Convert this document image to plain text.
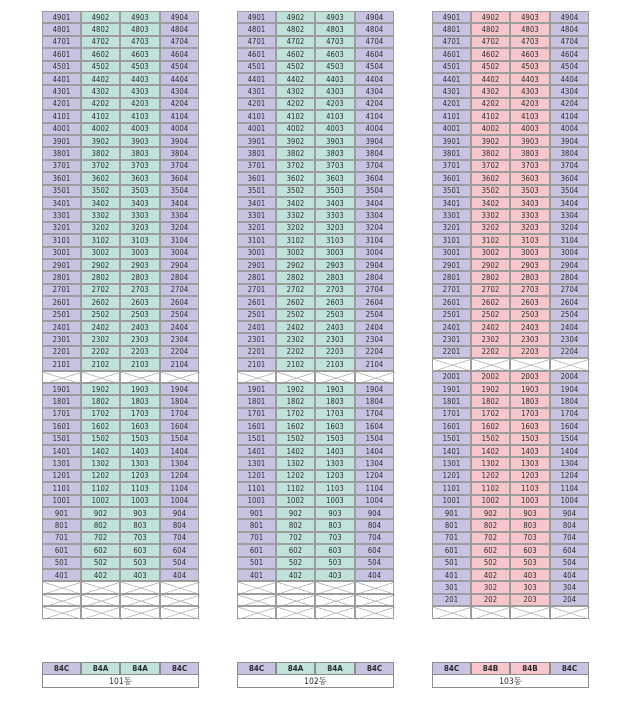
4901	4902	4903	4904
4801	4802	4803	4804
4701	4702	4703	4704
4601	4602	4603	4604
4501	4502	4503	4504
4401	4402	4403	4404
4301	4302	4303	4304
4201	4202	4203	4204
4101	4102	4103	4104
4001	4002	4003	4004
3901	3902	3903	3904
3801	3802	3803	3804
3701	3702	3703	3704
3601	3602	3603	3604
3501	3502	3503	3504
3401	3402	3403	3404
3301	3302	3303	3304
3201	3202	3203	3204
3101	3102	3103	3104
3001	3002	3003	3004
2901	2902	2903	2904
2801	2802	2803	2804
2701	2702	2703	2704
2601	2602	2603	2604
2501	2502	2503	2504
2401	2402	2403	2404
2301	2302	2303	2304
2201	2202	2203	2204
2101	2102	2103	2104
1901	1902	1903	1904
1801	1802	1803	1804
1701	1702	1703	1704
1601	1602	1603	1604
1501	1502	1503	1504
1401	1402	1403	1404
1301	1302	1303	1304
1201	1202	1203	1204
1101	1102	1103	1104
1001	1002	1003	1004
901	902	903	904
801	802	803	804
701	702	703	704
601	602	603	604
501	502	503	504
401	402	403	404
84C	84A	84A	84C
101동
4901	4902	4903	4904
4801	4802	4803	4804
4701	4702	4703	4704
4601	4602	4603	4604
4501	4502	4503	4504
4401	4402	4403	4404
4301	4302	4303	4304
4201	4202	4203	4204
4101	4102	4103	4104
4001	4002	4003	4004
3901	3902	3903	3904
3801	3802	3803	3804
3701	3702	3703	3704
3601	3602	3603	3604
3501	3502	3503	3504
3401	3402	3403	3404
3301	3302	3303	3304
3201	3202	3203	3204
3101	3102	3103	3104
3001	3002	3003	3004
2901	2902	2903	2904
2801	2802	2803	2804
2701	2702	2703	2704
2601	2602	2603	2604
2501	2502	2503	2504
2401	2402	2403	2404
2301	2302	2303	2304
2201	2202	2203	2204
2101	2102	2103	2104
1901	1902	1903	1904
1801	1802	1803	1804
1701	1702	1703	1704
1601	1602	1603	1604
1501	1502	1503	1504
1401	1402	1403	1404
1301	1302	1303	1304
1201	1202	1203	1204
1101	1102	1103	1104
1001	1002	1003	1004
901	902	903	904
801	802	803	804
701	702	703	704
601	602	603	604
501	502	503	504
401	402	403	404
84C	84A	84A	84C
102동
4901	4902	4903	4904
4801	4802	4803	4804
4701	4702	4703	4704
4601	4602	4603	4604
4501	4502	4503	4504
4401	4402	4403	4404
4301	4302	4303	4304
4201	4202	4203	4204
4101	4102	4103	4104
4001	4002	4003	4004
3901	3902	3903	3904
3801	3802	3803	3804
3701	3702	3703	3704
3601	3602	3603	3604
3501	3502	3503	3504
3401	3402	3403	3404
3301	3302	3303	3304
3201	3202	3203	3204
3101	3102	3103	3104
3001	3002	3003	3004
2901	2902	2903	2904
2801	2802	2803	2804
2701	2702	2703	2704
2601	2602	2603	2604
2501	2502	2503	2504
2401	2402	2403	2404
2301	2302	2303	2304
2201	2202	2203	2204
2001	2002	2003	2004
1901	1902	1903	1904
1801	1802	1803	1804
1701	1702	1703	1704
1601	1602	1603	1604
1501	1502	1503	1504
1401	1402	1403	1404
1301	1302	1303	1304
1201	1202	1203	1204
1101	1102	1103	1104
1001	1002	1003	1004
901	902	903	904
801	802	803	804
701	702	703	704
601	602	603	604
501	502	503	504
401	402	403	404
301	302	303	304
201	202	203	204
84C	84B	84B	84C
103동
